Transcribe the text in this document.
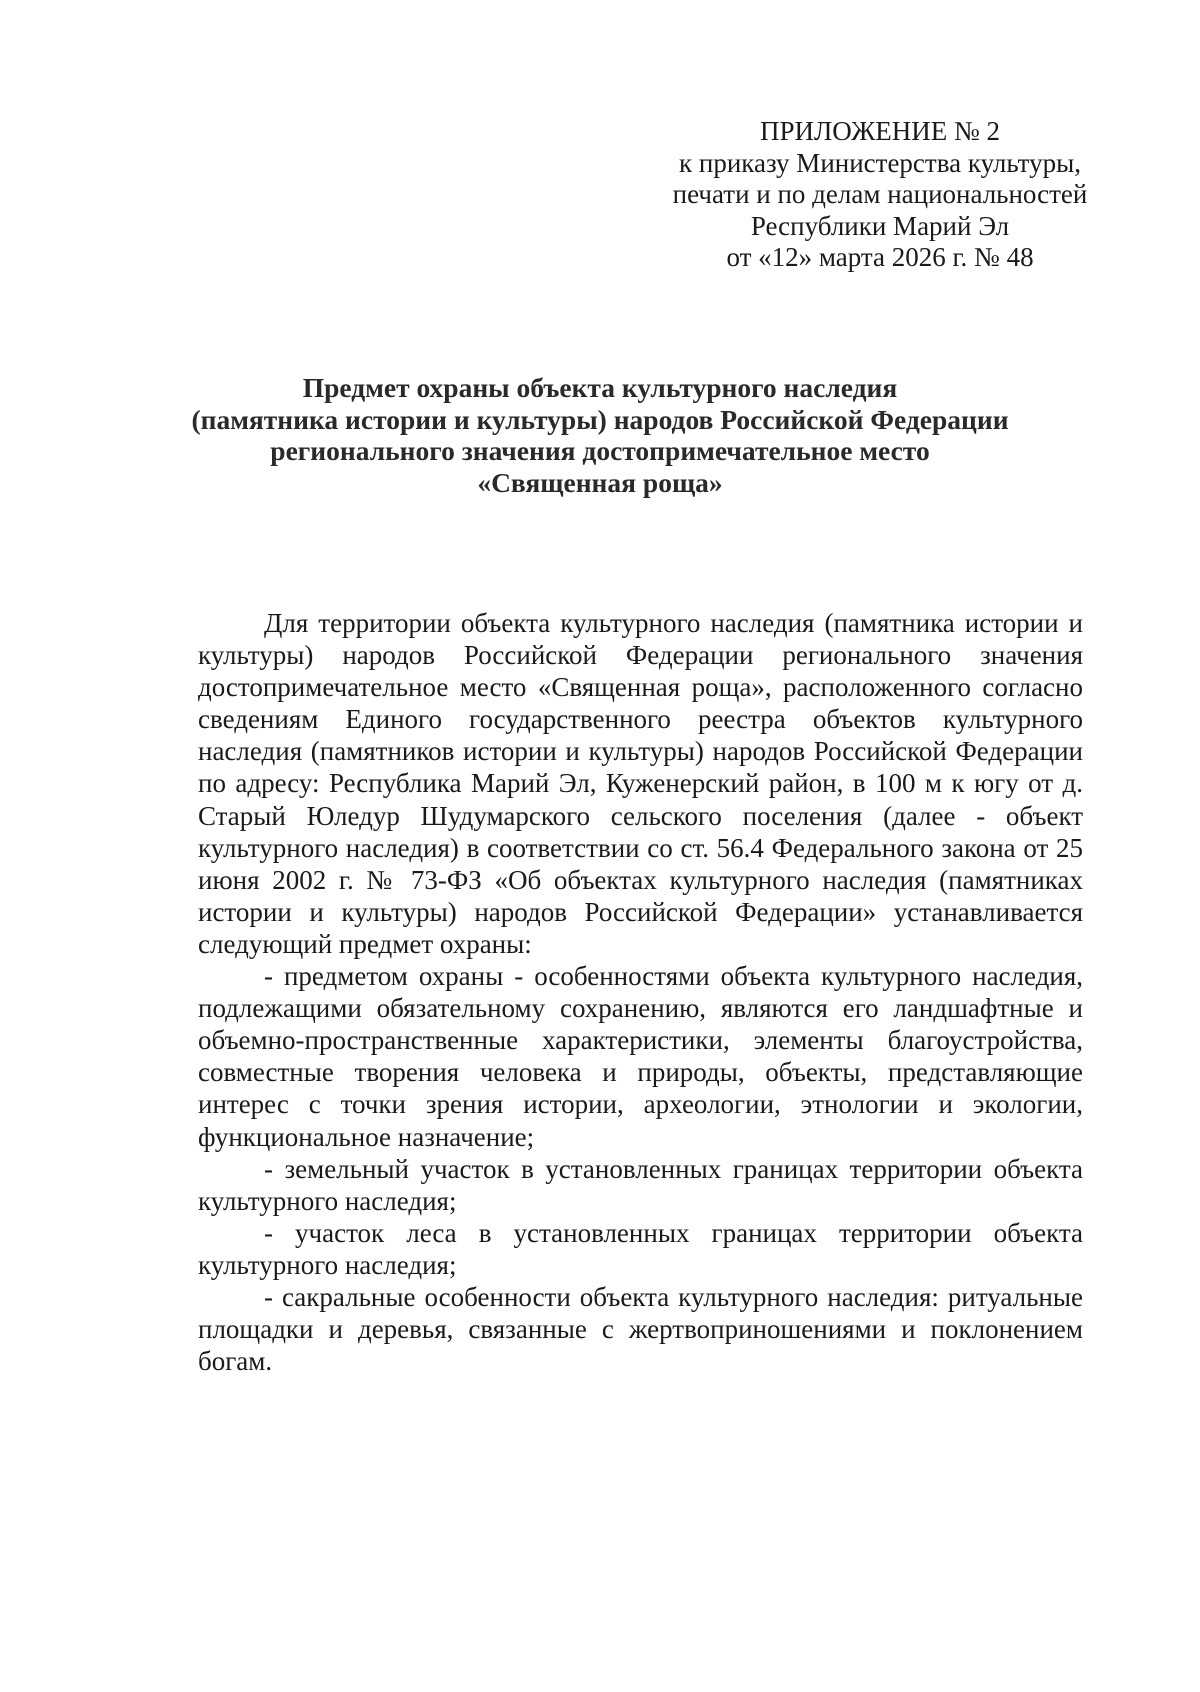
ПРИЛОЖЕНИЕ № 2
к приказу Министерства культуры,
печати и по делам национальностей
Республики Марий Эл
от «12» марта 2026 г. № 48
Предмет охраны объекта культурного наследия
(памятника истории и культуры) народов Российской Федерации
регионального значения достопримечательное место
«Священная роща»

Для территории объекта культурного наследия (памятника истории и культуры) народов Российской Федерации регионального значения достопримечательное место «Священная роща», расположенного согласно сведениям Единого государственного реестра объектов культурного наследия (памятников истории и культуры) народов Российской Федерации по адресу: Республика Марий Эл, Куженерский район, в 100 м к югу от д. Старый Юледур Шудумарского сельского поселения (далее - объект культурного наследия) в соответствии со ст. 56.4 Федерального закона от 25 июня 2002 г. № 73-ФЗ «Об объектах культурного наследия (памятниках истории и культуры) народов Российской Федерации» устанавливается следующий предмет охраны:

- предметом охраны - особенностями объекта культурного наследия, подлежащими обязательному сохранению, являются его ландшафтные и объемно-пространственные характеристики, элементы благоустройства, совместные творения человека и природы, объекты, представляющие интерес с точки зрения истории, археологии, этнологии и экологии, функциональное назначение;

- земельный участок в установленных границах территории объекта культурного наследия;

- участок леса в установленных границах территории объекта культурного наследия;

- сакральные особенности объекта культурного наследия: ритуальные площадки и деревья, связанные с жертвоприношениями и поклонением богам.
